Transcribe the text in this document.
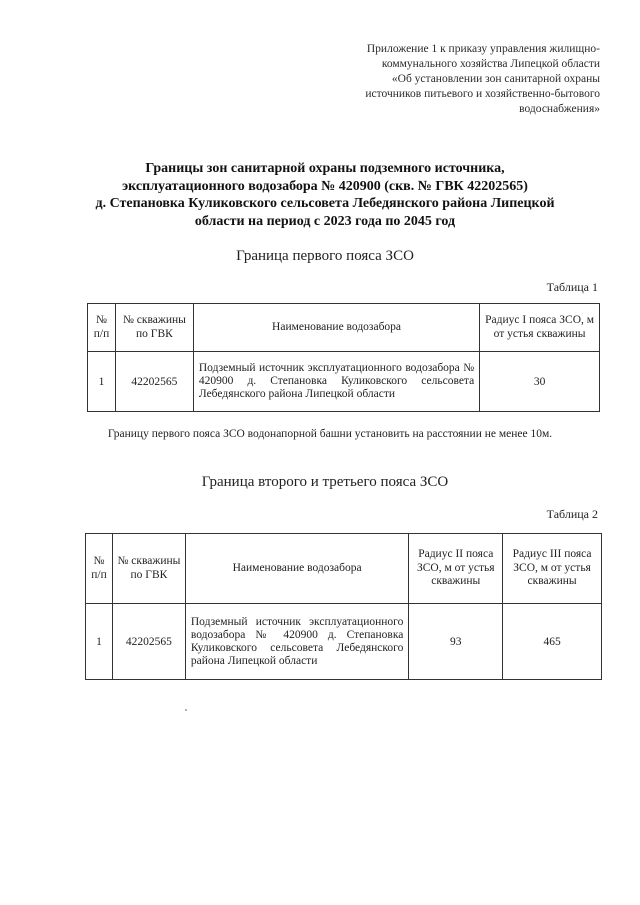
Приложение 1 к приказу управления жилищно-
коммунального хозяйства Липецкой области
«Об установлении зон санитарной охраны
источников питьевого и хозяйственно-бытового
водоснабжения»
Границы зон санитарной охраны подземного источника,
эксплуатационного водозабора № 420900 (скв. № ГВК 42202565)
д. Степановка Куликовского сельсовета Лебедянского района Липецкой
области на период с 2023 года по 2045 год
Граница первого пояса ЗСО
Таблица 1
№ п/п	№ скважины по ГВК	Наименование водозабора	Радиус I пояса ЗСО, м от устья скважины
1	42202565	Подземный источник эксплуатационного водозабора № 420900 д. Степановка Куликовского сельсовета Лебедянского района Липецкой области	30
Границу первого пояса ЗСО водонапорной башни установить на расстоянии не менее 10м.
Граница второго и третьего пояса ЗСО
Таблица 2
№ п/п	№ скважины по ГВК	Наименование водозабора	Радиус II пояса ЗСО, м от устья скважины	Радиус III пояса ЗСО, м от устья скважины
1	42202565	Подземный источник эксплуатационного водозабора № 420900 д. Степановка Куликовского сельсовета Лебедянского района Липецкой области	93	465
